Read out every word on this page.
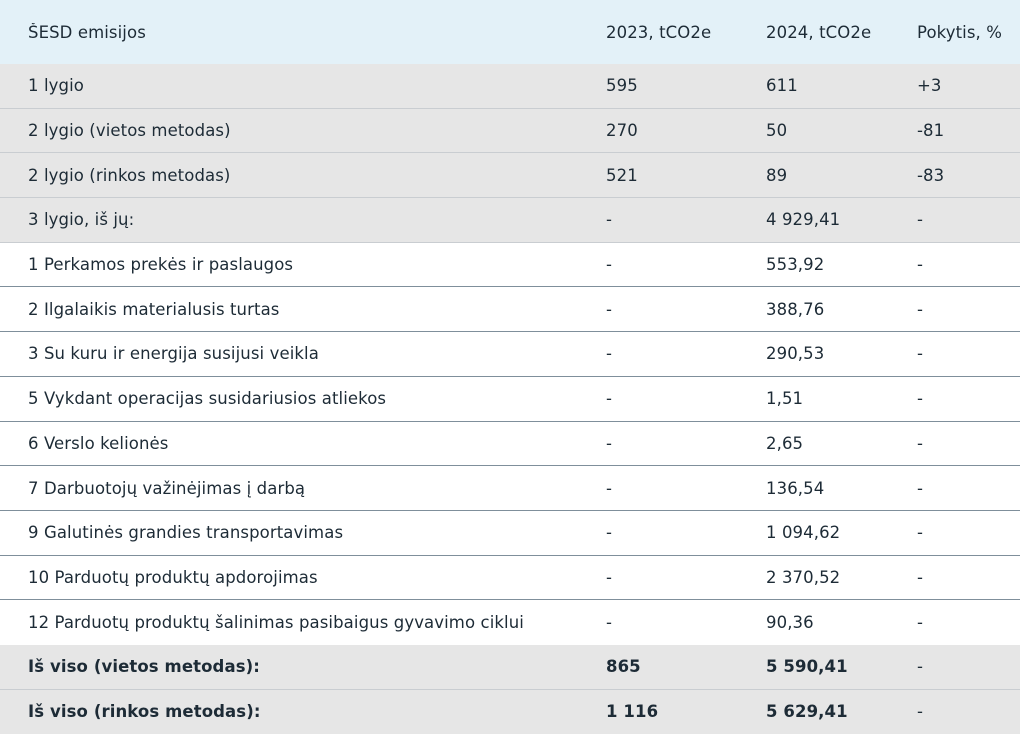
ŠESD emisijos	2023, tCO2e	2024, tCO2e	Pokytis, %
1 lygio	595	611	+3
2 lygio (vietos metodas)	270	50	-81
2 lygio (rinkos metodas)	521	89	-83
3 lygio, iš jų:	-	4 929,41	-
1 Perkamos prekės ir paslaugos	-	553,92	-
2 Ilgalaikis materialusis turtas	-	388,76	-
3 Su kuru ir energija susijusi veikla	-	290,53	-
5 Vykdant operacijas susidariusios atliekos	-	1,51	-
6 Verslo kelionės	-	2,65	-
7 Darbuotojų važinėjimas į darbą	-	136,54	-
9 Galutinės grandies transportavimas	-	1 094,62	-
10 Parduotų produktų apdorojimas	-	2 370,52	-
12 Parduotų produktų šalinimas pasibaigus gyvavimo ciklui	-	90,36	-
Iš viso (vietos metodas):	865	5 590,41	-
Iš viso (rinkos metodas):	1 116	5 629,41	-
